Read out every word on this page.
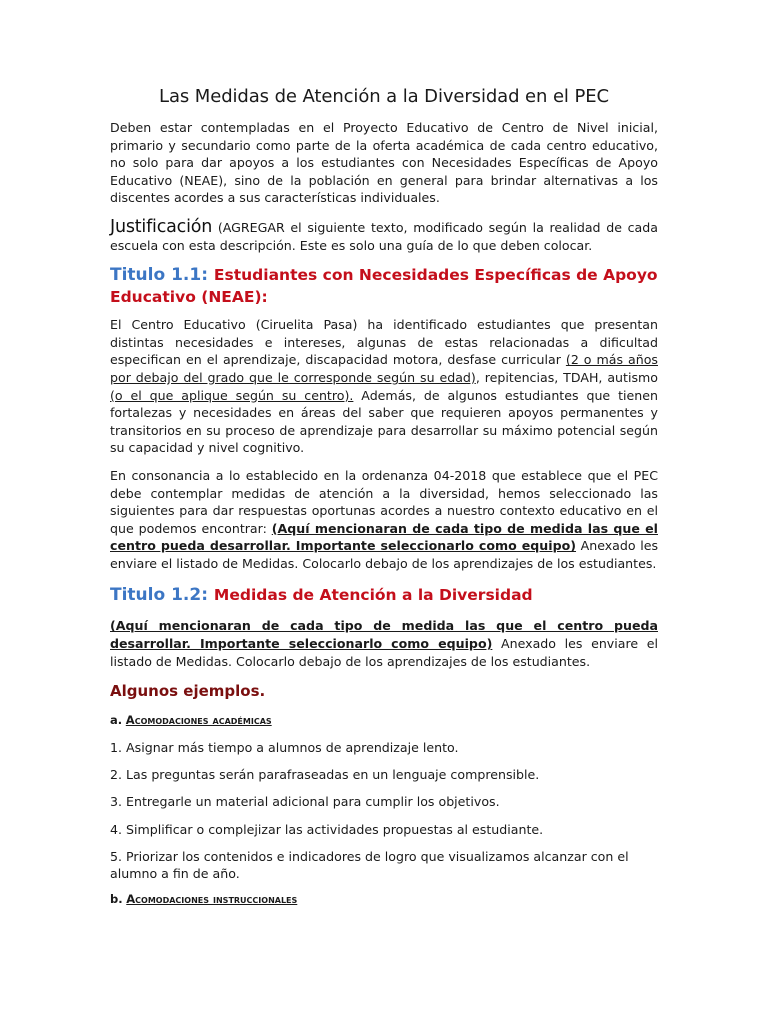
Las Medidas de Atención a la Diversidad en el PEC

Deben estar contempladas en el Proyecto Educativo de Centro de Nivel inicial, primario y secundario como parte de la oferta académica de cada centro educativo, no solo para dar apoyos a los estudiantes con Necesidades Específicas de Apoyo Educativo (NEAE), sino de la población en general para brindar alternativas a los discentes acordes a sus características individuales.

Justificación (AGREGAR el siguiente texto, modificado según la realidad de cada escuela con esta descripción. Este es solo una guía de lo que deben colocar.

Titulo 1.1: Estudiantes con Necesidades Específicas de Apoyo Educativo (NEAE):

El Centro Educativo (Ciruelita Pasa) ha identificado estudiantes que presentan distintas necesidades e intereses, algunas de estas relacionadas a dificultad especifican en el aprendizaje, discapacidad motora, desfase curricular (2 o más años por debajo del grado que le corresponde según su edad), repitencias, TDAH, autismo (o el que aplique según su centro). Además, de algunos estudiantes que tienen fortalezas y necesidades en áreas del saber que requieren apoyos permanentes y transitorios en su proceso de aprendizaje para desarrollar su máximo potencial según su capacidad y nivel cognitivo.

En consonancia a lo establecido en la ordenanza 04-2018 que establece que el PEC debe contemplar medidas de atención a la diversidad, hemos seleccionado las siguientes para dar respuestas oportunas acordes a nuestro contexto educativo en el que podemos encontrar: (Aquí mencionaran de cada tipo de medida las que el centro pueda desarrollar. Importante seleccionarlo como equipo) Anexado les enviare el listado de Medidas. Colocarlo debajo de los aprendizajes de los estudiantes.

Titulo 1.2: Medidas de Atención a la Diversidad

(Aquí mencionaran de cada tipo de medida las que el centro pueda desarrollar. Importante seleccionarlo como equipo) Anexado les enviare el listado de Medidas. Colocarlo debajo de los aprendizajes de los estudiantes.

Algunos ejemplos.

a. Acomodaciones académicas

1. Asignar más tiempo a alumnos de aprendizaje lento.

2. Las preguntas serán parafraseadas en un lenguaje comprensible.

3. Entregarle un material adicional para cumplir los objetivos.

4. Simplificar o complejizar las actividades propuestas al estudiante.

5. Priorizar los contenidos e indicadores de logro que visualizamos alcanzar con el alumno a fin de año.

b. Acomodaciones instruccionales
